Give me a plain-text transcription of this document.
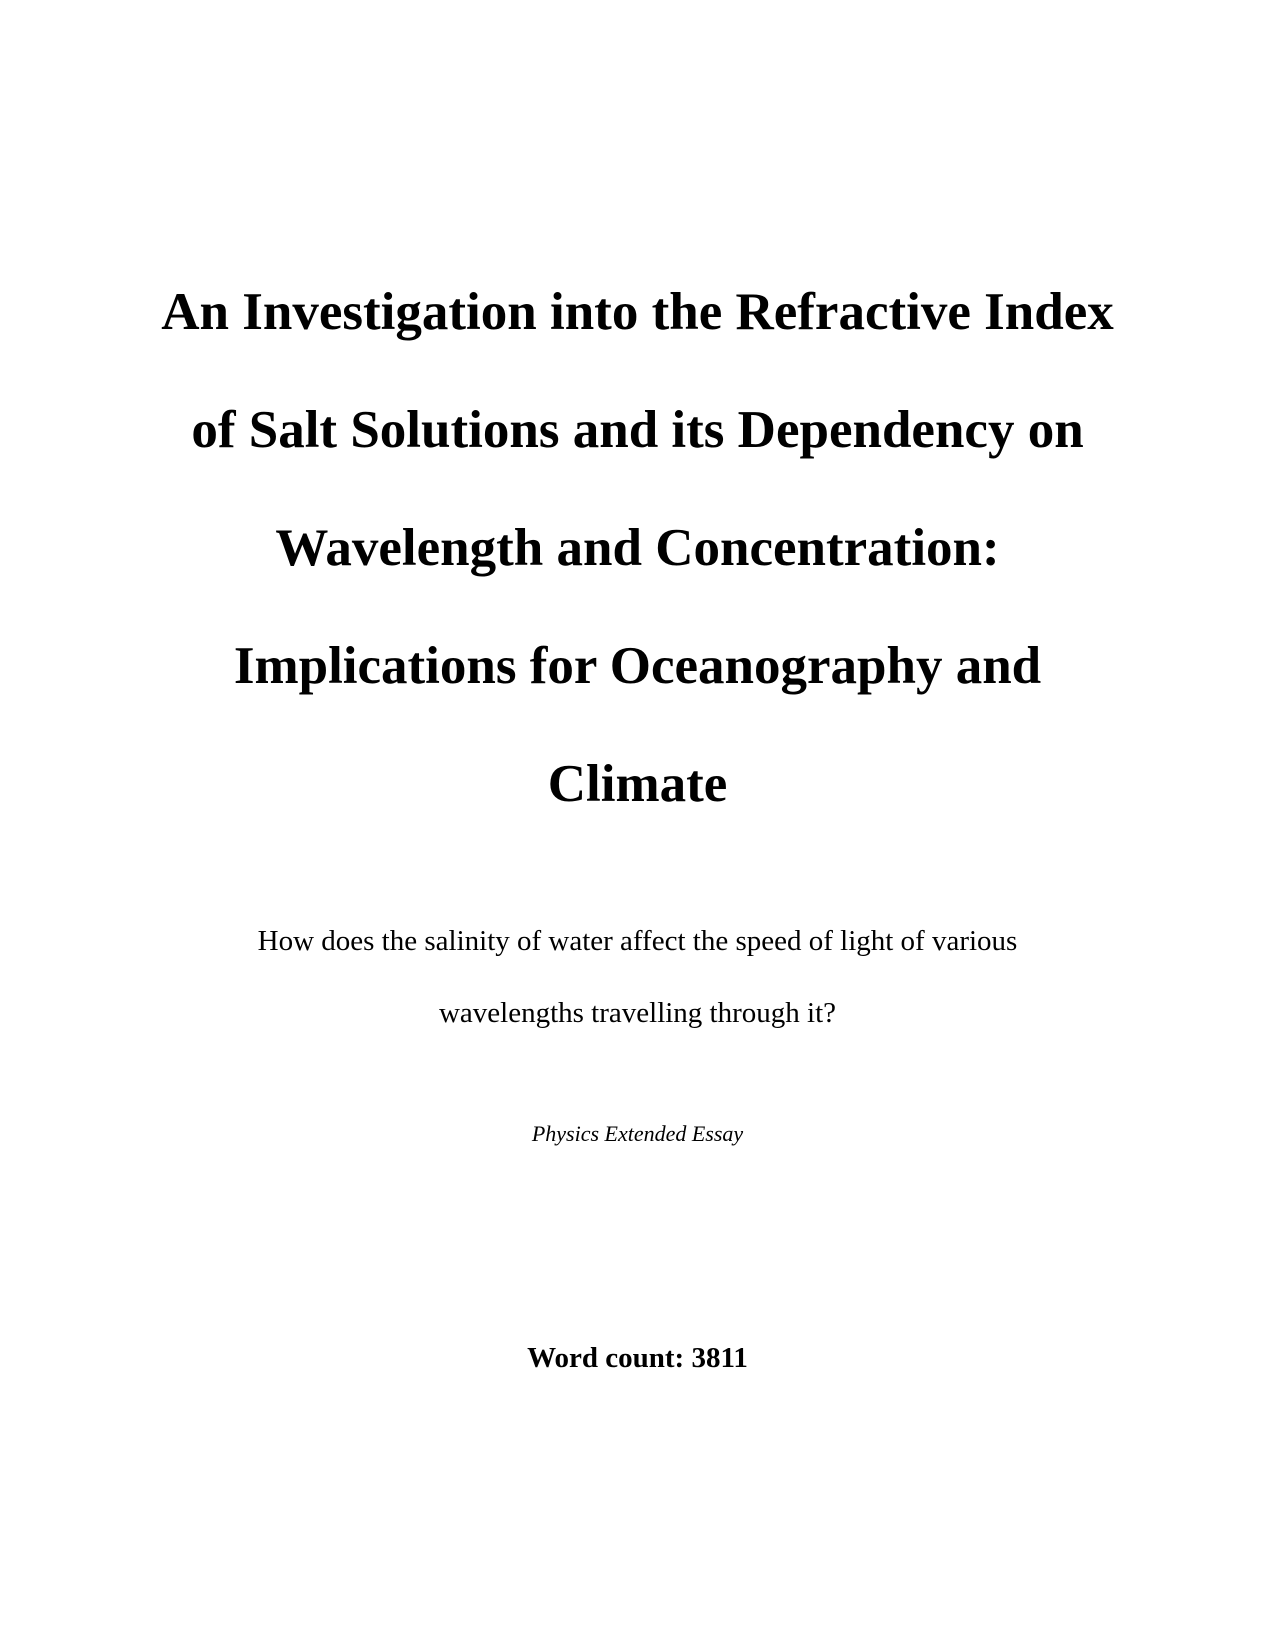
An Investigation into the Refractive Index
of Salt Solutions and its Dependency on
Wavelength and Concentration:
Implications for Oceanography and
Climate
How does the salinity of water affect the speed of light of various
wavelengths travelling through it?
Physics Extended Essay
Word count: 3811
